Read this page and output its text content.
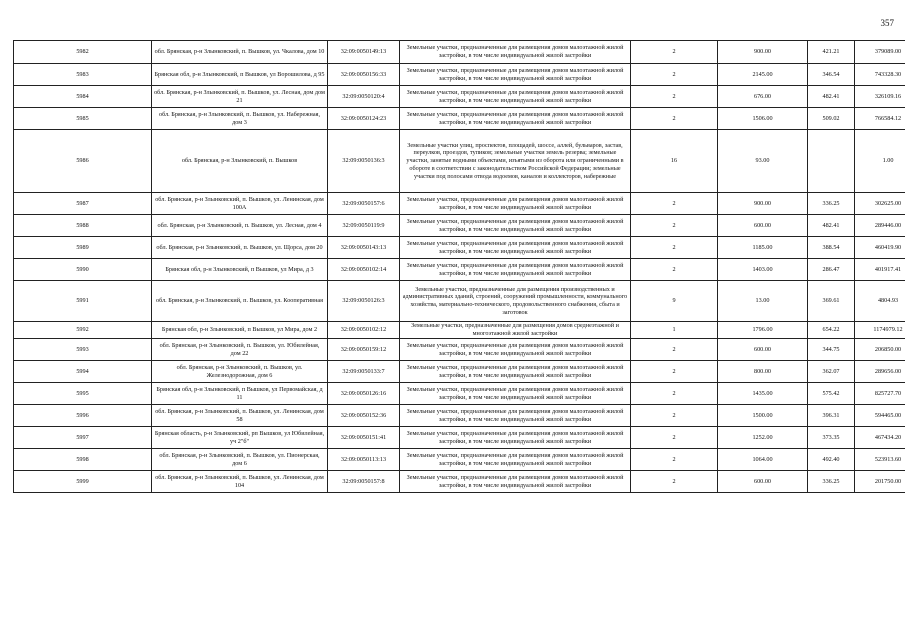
357
5982	обл. Брянская, р-н Злынковский, п. Вышков, ул. Чкалова, дом 10	32:09:0050149:13	Земельные участки, предназначенные для размещения домов малоэтажной жилой застройки, в том числе индивидуальной жилой застройки	2	900.00	421.21	379089.00
5983	Брянская обл, р-н Злынковский, п Вышков, ул Ворошилова, д 95	32:09:0050156:33	Земельные участки, предназначенные для размещения домов малоэтажной жилой застройки, в том числе индивидуальной жилой застройки	2	2145.00	346.54	743328.30
5984	обл. Брянская, р-н Злынковский, п. Вышков, ул. Лесная, дом дом 21	32:09:0050120:4	Земельные участки, предназначенные для размещения домов малоэтажной жилой застройки, в том числе индивидуальной жилой застройки	2	676.00	482.41	326109.16
5985	обл. Брянская, р-н Злынковский, п. Вышков, ул. Набережная, дом 3	32:09:0050124:23	Земельные участки, предназначенные для размещения домов малоэтажной жилой застройки, в том числе индивидуальной жилой застройки	2	1506.00	509.02	766584.12
5986	обл. Брянская, р-н Злынковский, п. Вышков	32:09:0050136:3	Земельные участки улиц, проспектов, площадей, шоссе, аллей, бульваров, застав, переулков, проездов, тупиков; земельные участки земель резерва; земельные участки, занятые водными объектами, изъятыми из оборота или ограниченными в обороте в соответствии с законодательством Российской Федерации; земельные участки под полосами отвода водоемов, каналов и коллекторов, набережные	16	93.00		1.00
5987	обл. Брянская, р-н Злынковский, п. Вышков, ул. Ленинская, дом 100А	32:09:0050157:6	Земельные участки, предназначенные для размещения домов малоэтажной жилой застройки, в том числе индивидуальной жилой застройки	2	900.00	336.25	302625.00
5988	обл. Брянская, р-н Злынковский, п. Вышков, ул. Лесная, дом 4	32:09:0050119:9	Земельные участки, предназначенные для размещения домов малоэтажной жилой застройки, в том числе индивидуальной жилой застройки	2	600.00	482.41	289446.00
5989	обл. Брянская, р-н Злынковский, п. Вышков, ул. Щорса, дом 20	32:09:0050143:13	Земельные участки, предназначенные для размещения домов малоэтажной жилой застройки, в том числе индивидуальной жилой застройки	2	1185.00	388.54	460419.90
5990	Брянская обл, р-н Злынковский, п Вышков, ул Мира, д 3	32:09:0050102:14	Земельные участки, предназначенные для размещения домов малоэтажной жилой застройки, в том числе индивидуальной жилой застройки	2	1403.00	286.47	401917.41
5991	обл. Брянская, р-н Злынковский, п. Вышков, ул. Кооперативная	32:09:0050126:3	Земельные участки, предназначенные для размещения производственных и административных зданий, строений, сооружений промышленности, коммунального хозяйства, материально-технического, продовольственного снабжения, сбыта и заготовок	9	13.00	369.61	4804.93
5992	Брянская обл, р-н Злынковский, п Вышков, ул Мира, дом 2	32:09:0050102:12	Земельные участки, предназначенные для размещения домов среднеэтажной и многоэтажной жилой застройки	1	1796.00	654.22	1174979.12
5993	обл. Брянская, р-н Злынковский, п. Вышков, ул. Юбилейная, дом 22	32:09:0050159:12	Земельные участки, предназначенные для размещения домов малоэтажной жилой застройки, в том числе индивидуальной жилой застройки	2	600.00	344.75	206850.00
5994	обл. Брянская, р-н Злынковский, п. Вышков, ул. Железнодорожная, дом 6	32:09:0050133:7	Земельные участки, предназначенные для размещения домов малоэтажной жилой застройки, в том числе индивидуальной жилой застройки	2	800.00	362.07	289656.00
5995	Брянская обл, р-н Злынковский, п Вышков, ул Первомайская, д 11	32:09:0050126:16	Земельные участки, предназначенные для размещения домов малоэтажной жилой застройки, в том числе индивидуальной жилой застройки	2	1435.00	575.42	825727.70
5996	обл. Брянская, р-н Злынковский, п. Вышков, ул. Ленинская, дом 58	32:09:0050152:36	Земельные участки, предназначенные для размещения домов малоэтажной жилой застройки, в том числе индивидуальной жилой застройки	2	1500.00	396.31	594465.00
5997	Брянская область, р-н Злынковский, рп Вышков, ул Юбилейная, уч 2"б"	32:09:0050151:41	Земельные участки, предназначенные для размещения домов малоэтажной жилой застройки, в том числе индивидуальной жилой застройки	2	1252.00	373.35	467434.20
5998	обл. Брянская, р-н Злынковский, п. Вышков, ул. Пионерская, дом 6	32:09:0050113:13	Земельные участки, предназначенные для размещения домов малоэтажной жилой застройки, в том числе индивидуальной жилой застройки	2	1064.00	492.40	523913.60
5999	обл. Брянская, р-н Злынковский, п. Вышков, ул. Ленинская, дом 104	32:09:0050157:8	Земельные участки, предназначенные для размещения домов малоэтажной жилой застройки, в том числе индивидуальной жилой застройки	2	600.00	336.25	201750.00
